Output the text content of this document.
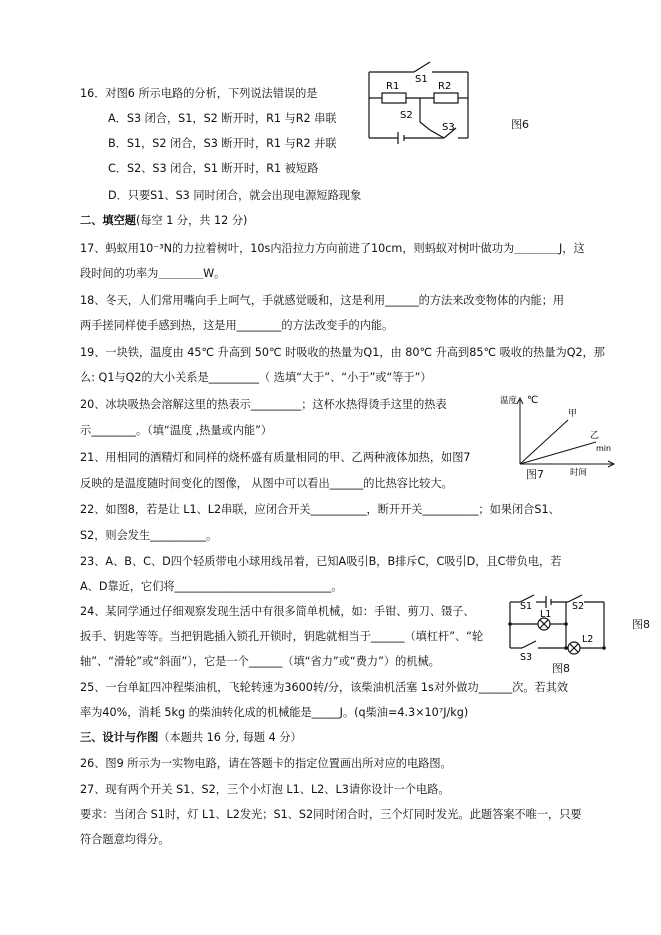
16．对图6 所示电路的分析，下列说法错误的是
A．S3 闭合，S1，S2 断开时，R1 与R2 串联
B．S1，S2 闭合，S3 断开时，R1 与R2 并联
C．S2、S3 闭合，S1 断开时，R1 被短路
D．只要S1、S3 同时闭合，就会出现电源短路现象
S1
R1	R2
S2
S3	图6
二、填空题(每空 1 分，共 12 分)
17、蚂蚁用10⁻³N的力拉着树叶，10s内沿拉力方向前进了10cm，则蚂蚁对树叶做功为＿＿＿＿J，这
段时间的功率为＿＿＿＿W。
18、冬天，人们常用嘴向手上呵气，手就感觉暖和，这是利用______的方法来改变物体的内能；用
两手搓同样使手感到热，这是用________的方法改变手的内能。
19、一块铁，温度由 45℃ 升高到 50℃ 时吸收的热量为Q1，由 80℃ 升高到85℃ 吸收的热量为Q2，那
么: Q1与Q2的大小关系是_________（ 选填“大于”、“小于”或“等于”）
20、冰块吸热会溶解这里的热表示_________；这杯水热得烫手这里的热表
示________。（填“温度 ,热量或内能”）
温度 ℃
甲
乙
min
时间
图7
21、用相同的酒精灯和同样的烧杯盛有质量相同的甲、乙两种液体加热，如图7
反映的是温度随时间变化的图像， 从图中可以看出______的比热容比较大。
22、如图8，若是让 L1、L2串联，应闭合开关__________，断开开关__________；如果闭合S1、
S2，则会发生__________。
23、A、B、C、D四个轻质带电小球用线吊着，已知A吸引B，B排斥C，C吸引D，且C带负电，若
A、D靠近，它们将____________________________。
24、某同学通过仔细观察发现生活中有很多简单机械，如：手钳、剪刀、镊子、
扳手、钥匙等等。当把钥匙插入锁孔开锁时，钥匙就相当于______（填杠杆”、“轮
轴”、“滑轮”或“斜面”），它是一个______（填“省力”或“费力”）的机械。
S1	S2
L1
S3
L2
图8
图8
25、一台单缸四冲程柴油机，飞轮转速为3600转/分，该柴油机活塞 1s对外做功______次。若其效
率为40%，消耗 5kg 的柴油转化成的机械能是_____J。(q柴油=4.3×10⁷J/kg)
三、设计与作图（本题共 16 分, 每题 4 分）
26、图9 所示为一实物电路，请在答题卡的指定位置画出所对应的电路图。
27、现有两个开关 S1、S2，三个小灯泡 L1、L2、L3请你设计一个电路。
要求：当闭合 S1时，灯 L1、L2发光；S1、S2同时闭合时，三个灯同时发光。此题答案不唯一，只要
符合题意均得分。
